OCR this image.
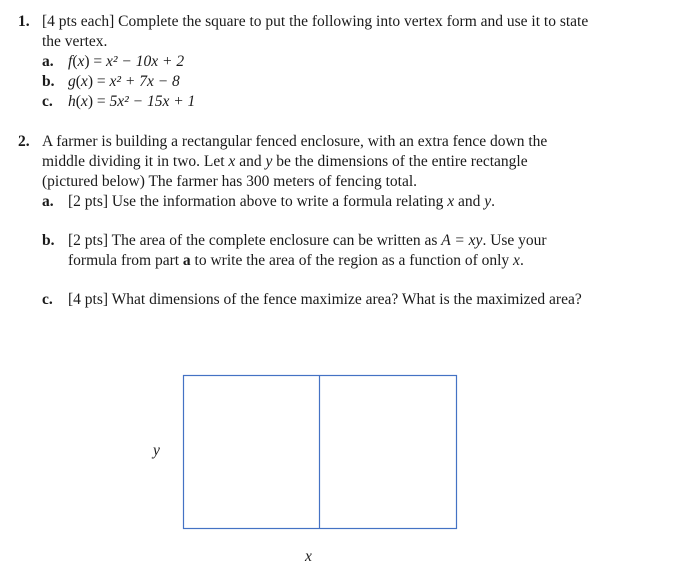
1. [4 pts each] Complete the square to put the following into vertex form and use it to state
the vertex.
a. f(x) = x² − 10x + 2
b. g(x) = x² + 7x − 8
c. h(x) = 5x² − 15x + 1
2. A farmer is building a rectangular fenced enclosure, with an extra fence down the
middle dividing it in two. Let x and y be the dimensions of the entire rectangle
(pictured below) The farmer has 300 meters of fencing total.
a. [2 pts] Use the information above to write a formula relating x and y.
b. [2 pts] The area of the complete enclosure can be written as A = xy. Use your
formula from part a to write the area of the region as a function of only x.
c. [4 pts] What dimensions of the fence maximize area? What is the maximized area?
y
x
